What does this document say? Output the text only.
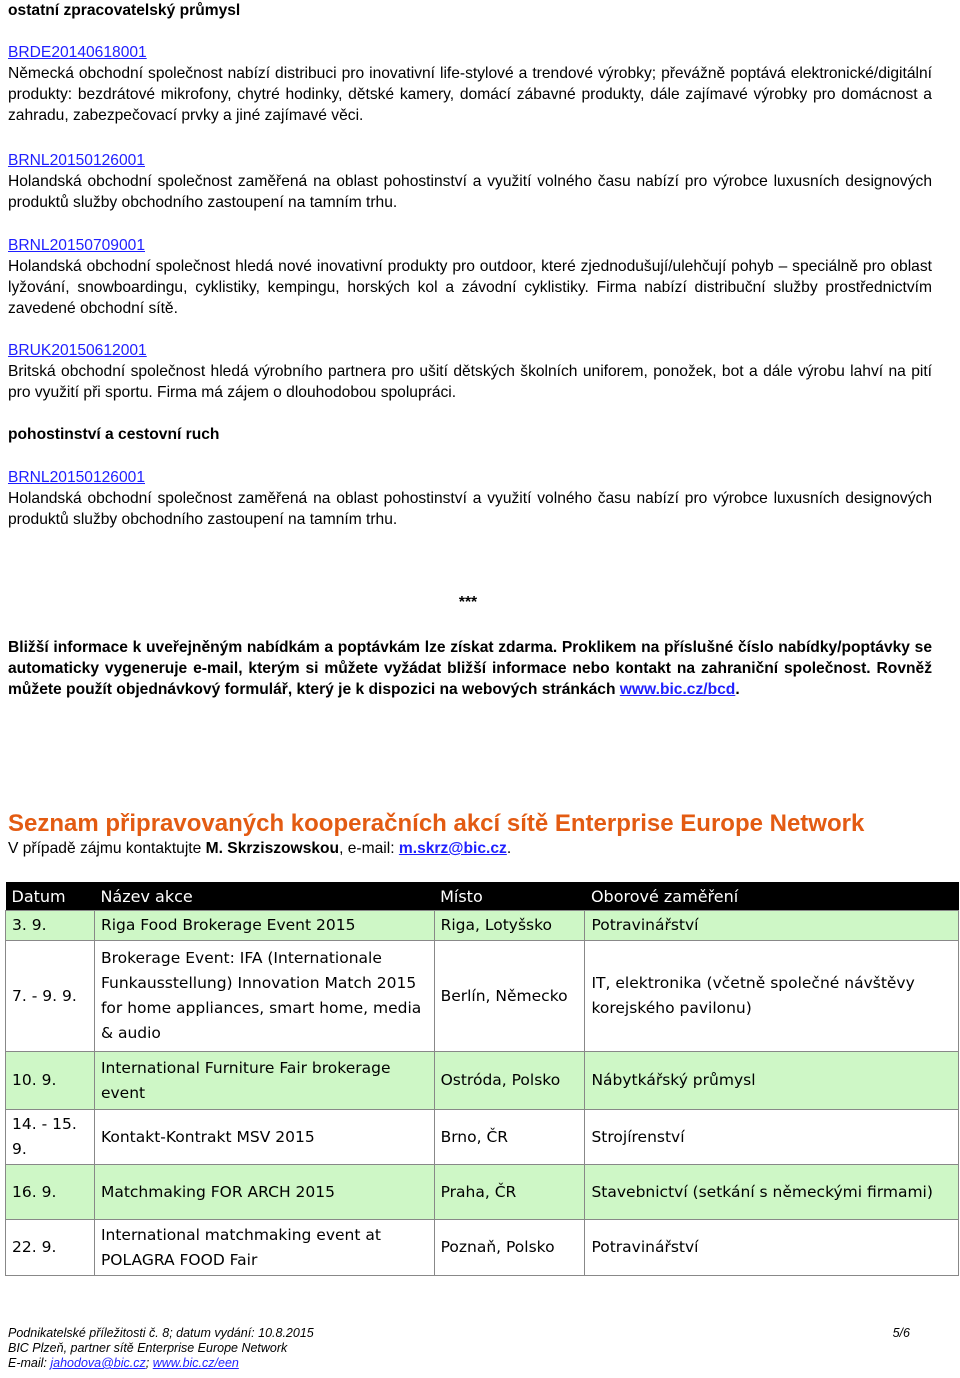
ostatní zpracovatelský průmysl
BRDE20140618001
Německá obchodní společnost nabízí distribuci pro inovativní life-stylové a trendové výrobky; převážně poptává elektronické/digitální produkty: bezdrátové mikrofony, chytré hodinky, dětské kamery, domácí zábavné produkty, dále zajímavé výrobky pro domácnost a zahradu, zabezpečovací prvky a jiné zajímavé věci.
BRNL20150126001
Holandská obchodní společnost zaměřená na oblast pohostinství a využití volného času nabízí pro výrobce luxusních designových produktů služby obchodního zastoupení na tamním trhu.
BRNL20150709001
Holandská obchodní společnost hledá nové inovativní produkty pro outdoor, které zjednodušují/ulehčují pohyb – speciálně pro oblast lyžování, snowboardingu, cyklistiky, kempingu, horských kol a závodní cyklistiky. Firma nabízí distribuční služby prostřednictvím zavedené obchodní sítě.
BRUK20150612001
Britská obchodní společnost hledá výrobního partnera pro ušití dětských školních uniforem, ponožek, bot a dále výrobu lahví na pití pro využití při sportu. Firma má zájem o dlouhodobou spolupráci.
pohostinství a cestovní ruch
BRNL20150126001
Holandská obchodní společnost zaměřená na oblast pohostinství a využití volného času nabízí pro výrobce luxusních designových produktů služby obchodního zastoupení na tamním trhu.
***
Bližší informace k uveřejněným nabídkám a poptávkám lze získat zdarma. Proklikem na příslušné číslo nabídky/poptávky se automaticky vygeneruje e-mail, kterým si můžete vyžádat bližší informace nebo kontakt na zahraniční společnost. Rovněž můžete použít objednávkový formulář, který je k dispozici na webových stránkách www.bic.cz/bcd.
Seznam připravovaných kooperačních akcí sítě Enterprise Europe Network
V případě zájmu kontaktujte M. Skrziszowskou, e-mail: m.skrz@bic.cz.
Datum	Název akce	Místo	Oborové zaměření
3. 9.	Riga Food Brokerage Event 2015	Riga, Lotyšsko	Potravinářství
7. - 9. 9.	Brokerage Event: IFA (Internationale Funkausstellung) Innovation Match 2015 for home appliances, smart home, media & audio	Berlín, Německo	IT, elektronika (včetně společné návštěvy korejského pavilonu)
10. 9.	International Furniture Fair brokerage event	Ostróda, Polsko	Nábytkářský průmysl
14. - 15. 9.	Kontakt-Kontrakt MSV 2015	Brno, ČR	Strojírenství
16. 9.	Matchmaking FOR ARCH 2015	Praha, ČR	Stavebnictví (setkání s německými firmami)
22. 9.	International matchmaking event at POLAGRA FOOD Fair	Poznaň, Polsko	Potravinářství
Podnikatelské příležitosti č. 8; datum vydání: 10.8.2015
BIC Plzeň, partner sítě Enterprise Europe Network
E-mail: jahodova@bic.cz; www.bic.cz/een
5/6
